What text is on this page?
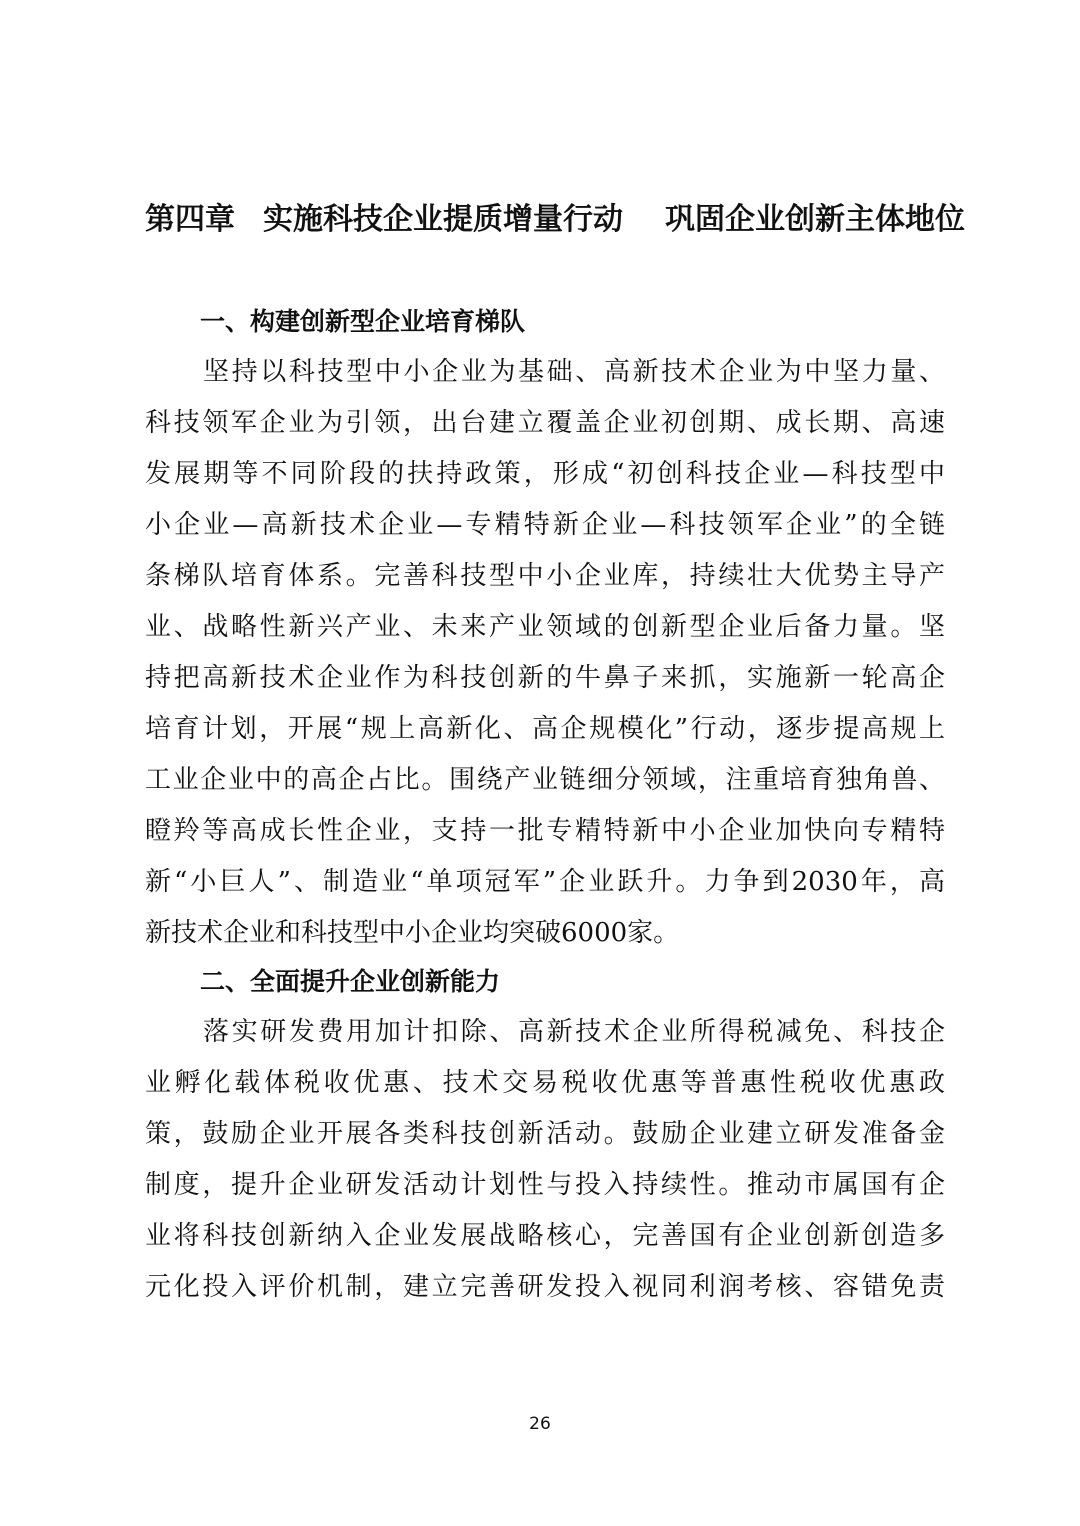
第四章 实施科技企业提质增量行动 巩固企业创新主体地位
一、构建创新型企业培育梯队
坚持以科技型中小企业为基础、高新技术企业为中坚力量、
科技领军企业为引领，出台建立覆盖企业初创期、成长期、高速
发展期等不同阶段的扶持政策，形成“初创科技企业—科技型中
小企业—高新技术企业—专精特新企业—科技领军企业”的全链
条梯队培育体系。完善科技型中小企业库，持续壮大优势主导产
业、战略性新兴产业、未来产业领域的创新型企业后备力量。坚
持把高新技术企业作为科技创新的牛鼻子来抓，实施新一轮高企
培育计划，开展“规上高新化、高企规模化”行动，逐步提高规上
工业企业中的高企占比。围绕产业链细分领域，注重培育独角兽、
瞪羚等高成长性企业，支持一批专精特新中小企业加快向专精特
新“小巨人”、制造业“单项冠军”企业跃升。力争到2030年，高
新技术企业和科技型中小企业均突破6000家。
二、全面提升企业创新能力
落实研发费用加计扣除、高新技术企业所得税减免、科技企
业孵化载体税收优惠、技术交易税收优惠等普惠性税收优惠政
策，鼓励企业开展各类科技创新活动。鼓励企业建立研发准备金
制度，提升企业研发活动计划性与投入持续性。推动市属国有企
业将科技创新纳入企业发展战略核心，完善国有企业创新创造多
元化投入评价机制，建立完善研发投入视同利润考核、容错免责
26
